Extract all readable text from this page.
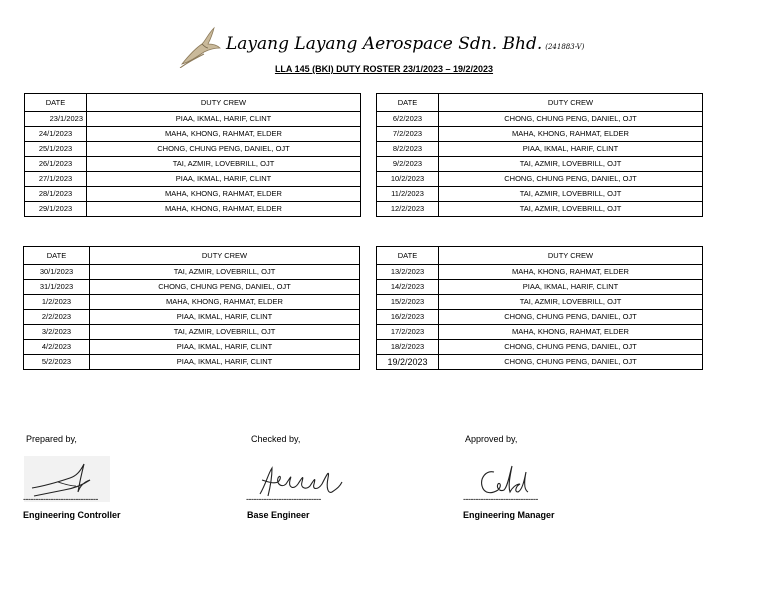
Layang Layang Aerospace Sdn. Bhd. (241883-V)
LLA 145 (BKI) DUTY ROSTER 23/1/2023 – 19/2/2023
DATE	DUTY CREW
23/1/2023	PIAA, IKMAL, HARIF, CLINT
24/1/2023	MAHA, KHONG, RAHMAT, ELDER
25/1/2023	CHONG, CHUNG PENG, DANIEL, OJT
26/1/2023	TAI, AZMIR, LOVEBRILL, OJT
27/1/2023	PIAA, IKMAL, HARIF, CLINT
28/1/2023	MAHA, KHONG, RAHMAT, ELDER
29/1/2023	MAHA, KHONG, RAHMAT, ELDER
DATE	DUTY CREW
6/2/2023	CHONG, CHUNG PENG, DANIEL, OJT
7/2/2023	MAHA, KHONG, RAHMAT, ELDER
8/2/2023	PIAA, IKMAL, HARIF, CLINT
9/2/2023	TAI, AZMIR, LOVEBRILL, OJT
10/2/2023	CHONG, CHUNG PENG, DANIEL, OJT
11/2/2023	TAI, AZMIR, LOVEBRILL, OJT
12/2/2023	TAI, AZMIR, LOVEBRILL, OJT
DATE	DUTY CREW
30/1/2023	TAI, AZMIR, LOVEBRILL, OJT
31/1/2023	CHONG, CHUNG PENG, DANIEL, OJT
1/2/2023	MAHA, KHONG, RAHMAT, ELDER
2/2/2023	PIAA, IKMAL, HARIF, CLINT
3/2/2023	TAI, AZMIR, LOVEBRILL, OJT
4/2/2023	PIAA, IKMAL, HARIF, CLINT
5/2/2023	PIAA, IKMAL, HARIF, CLINT
DATE	DUTY CREW
13/2/2023	MAHA, KHONG, RAHMAT, ELDER
14/2/2023	PIAA, IKMAL, HARIF, CLINT
15/2/2023	TAI, AZMIR, LOVEBRILL, OJT
16/2/2023	CHONG, CHUNG PENG, DANIEL, OJT
17/2/2023	MAHA, KHONG, RAHMAT, ELDER
18/2/2023	CHONG, CHUNG PENG, DANIEL, OJT
19/2/2023	CHONG, CHUNG PENG, DANIEL, OJT
Prepared by,
------------------------------
Engineering Controller
Checked by,
------------------------------
Base Engineer
Approved by,
------------------------------
Engineering Manager
